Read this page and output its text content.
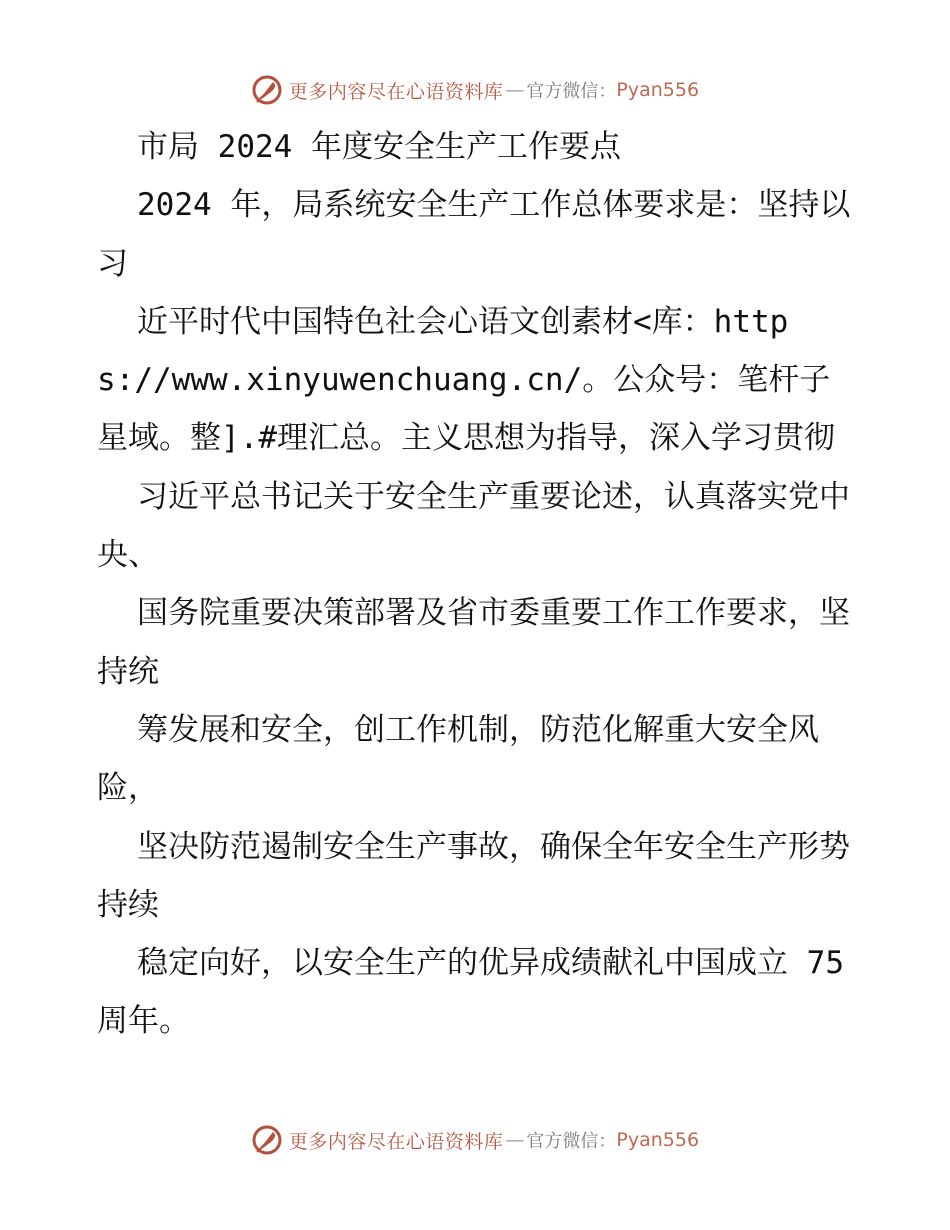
更多内容尽在心语资料库 — 官方微信： Pyan556

市局 2024 年度安全生产工作要点

2024 年，局系统安全生产工作总体要求是：坚持以习

近平时代中国特色社会心语文创素材<库：https://www.xinyuwenchuang.cn/。公众号：笔杆子星域。整].#理汇总。主义思想为指导，深入学习贯彻

习近平总书记关于安全生产重要论述，认真落实党中央、

国务院重要决策部署及省市委重要工作工作要求，坚持统

筹发展和安全，创工作机制，防范化解重大安全风险，

坚决防范遏制安全生产事故，确保全年安全生产形势持续

稳定向好，以安全生产的优异成绩献礼中国成立 75 周年。

更多内容尽在心语资料库 — 官方微信： Pyan556
